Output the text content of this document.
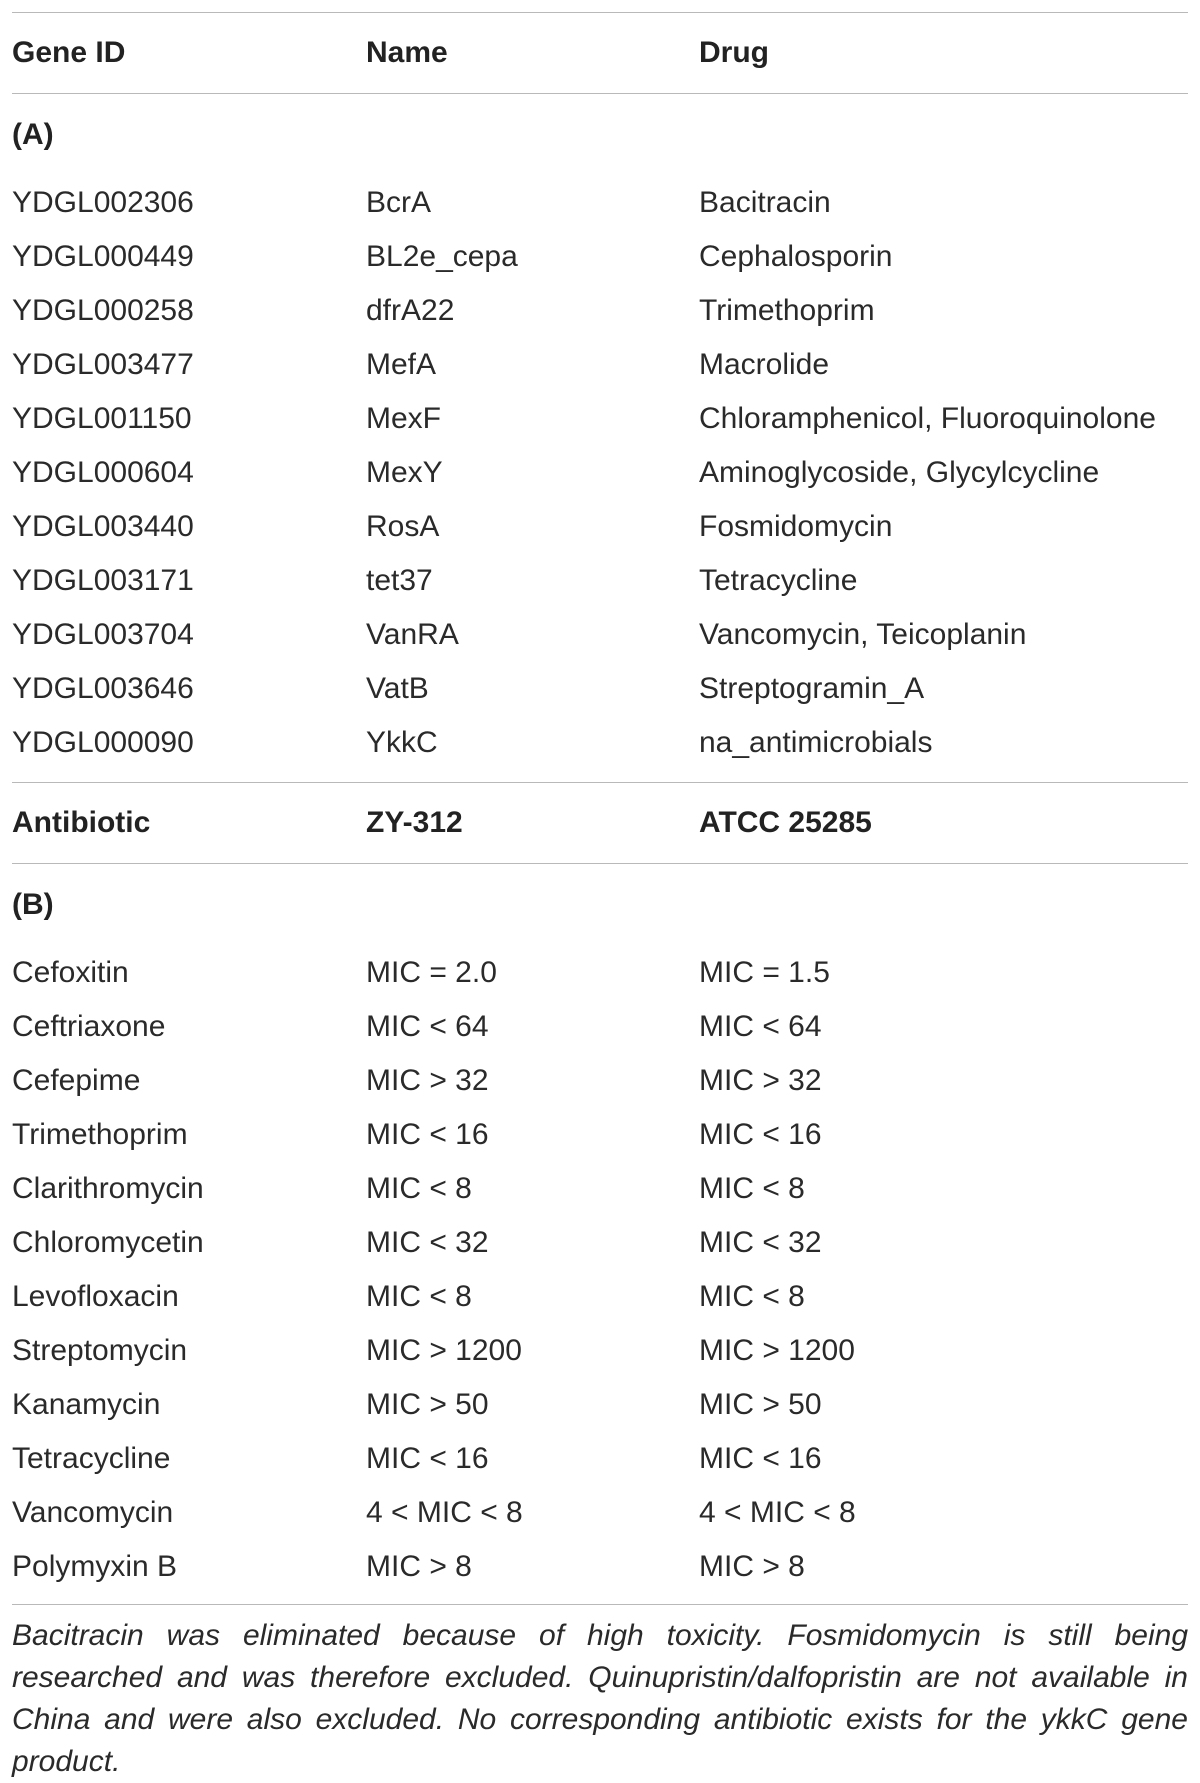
Gene ID	Name	Drug
(A)
YDGL002306	BcrA	Bacitracin
YDGL000449	BL2e_cepa	Cephalosporin
YDGL000258	dfrA22	Trimethoprim
YDGL003477	MefA	Macrolide
YDGL001150	MexF	Chloramphenicol, Fluoroquinolone
YDGL000604	MexY	Aminoglycoside, Glycylcycline
YDGL003440	RosA	Fosmidomycin
YDGL003171	tet37	Tetracycline
YDGL003704	VanRA	Vancomycin, Teicoplanin
YDGL003646	VatB	Streptogramin_A
YDGL000090	YkkC	na_antimicrobials
Antibiotic	ZY-312	ATCC 25285
(B)
Cefoxitin	MIC = 2.0	MIC = 1.5
Ceftriaxone	MIC < 64	MIC < 64
Cefepime	MIC > 32	MIC > 32
Trimethoprim	MIC < 16	MIC < 16
Clarithromycin	MIC < 8	MIC < 8
Chloromycetin	MIC < 32	MIC < 32
Levofloxacin	MIC < 8	MIC < 8
Streptomycin	MIC > 1200	MIC > 1200
Kanamycin	MIC > 50	MIC > 50
Tetracycline	MIC < 16	MIC < 16
Vancomycin	4 < MIC < 8	4 < MIC < 8
Polymyxin B	MIC > 8	MIC > 8
Bacitracin was eliminated because of high toxicity. Fosmidomycin is still being researched and was therefore excluded. Quinupristin/dalfopristin are not available in China and were also excluded. No corresponding antibiotic exists for the ykkC gene product.
